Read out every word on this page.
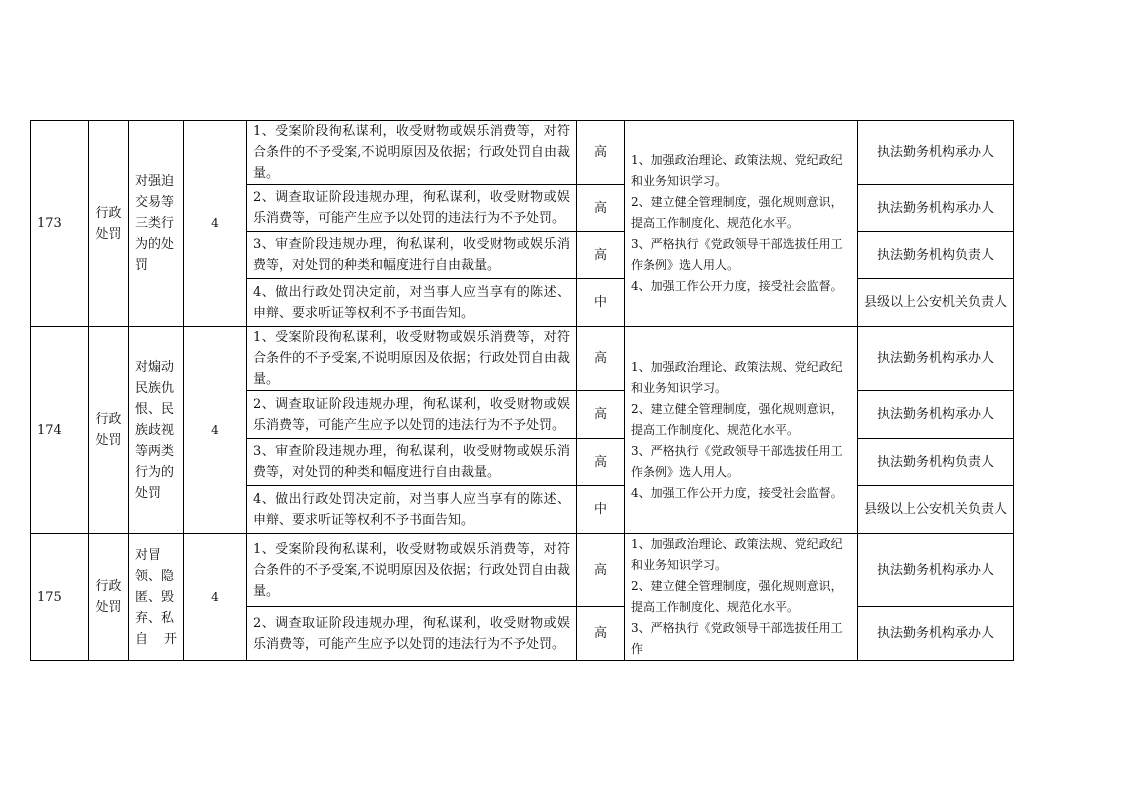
173	行政处罚	对强迫交易等三类行为的处罚	4	1、受案阶段徇私谋利，收受财物或娱乐消费等，对符合条件的不予受案,不说明原因及依据；行政处罚自由裁量。	高	1、加强政治理论、政策法规、党纪政纪和业务知识学习。
2、建立健全管理制度，强化规则意识，提高工作制度化、规范化水平。
3、严格执行《党政领导干部选拔任用工作条例》选人用人。
4、加强工作公开力度，接受社会监督。	执法勤务机构承办人
				2、调查取证阶段违规办理，徇私谋利，收受财物或娱乐消费等，可能产生应予以处罚的违法行为不予处罚。	高		执法勤务机构承办人
				3、审查阶段违规办理，徇私谋利，收受财物或娱乐消费等，对处罚的种类和幅度进行自由裁量。	高		执法勤务机构负责人
				4、做出行政处罚决定前，对当事人应当享有的陈述、申辩、要求听证等权利不予书面告知。	中		县级以上公安机关负责人
174	行政处罚	对煽动民族仇恨、民族歧视等两类行为的处罚	4	1、受案阶段徇私谋利，收受财物或娱乐消费等，对符合条件的不予受案,不说明原因及依据；行政处罚自由裁量。	高	1、加强政治理论、政策法规、党纪政纪和业务知识学习。
2、建立健全管理制度，强化规则意识，提高工作制度化、规范化水平。
3、严格执行《党政领导干部选拔任用工作条例》选人用人。
4、加强工作公开力度，接受社会监督。	执法勤务机构承办人
				2、调查取证阶段违规办理，徇私谋利，收受财物或娱乐消费等，可能产生应予以处罚的违法行为不予处罚。	高		执法勤务机构承办人
				3、审查阶段违规办理，徇私谋利，收受财物或娱乐消费等，对处罚的种类和幅度进行自由裁量。	高		执法勤务机构负责人
				4、做出行政处罚决定前，对当事人应当享有的陈述、申辩、要求听证等权利不予书面告知。	中		县级以上公安机关负责人
175	行政处罚	对冒领、隐匿、毁弃、私自开	4	1、受案阶段徇私谋利，收受财物或娱乐消费等，对符合条件的不予受案,不说明原因及依据；行政处罚自由裁量。	高	1、加强政治理论、政策法规、党纪政纪和业务知识学习。
2、建立健全管理制度，强化规则意识，提高工作制度化、规范化水平。
3、严格执行《党政领导干部选拔任用工作	执法勤务机构承办人
				2、调查取证阶段违规办理，徇私谋利，收受财物或娱乐消费等，可能产生应予以处罚的违法行为不予处罚。	高		执法勤务机构承办人
